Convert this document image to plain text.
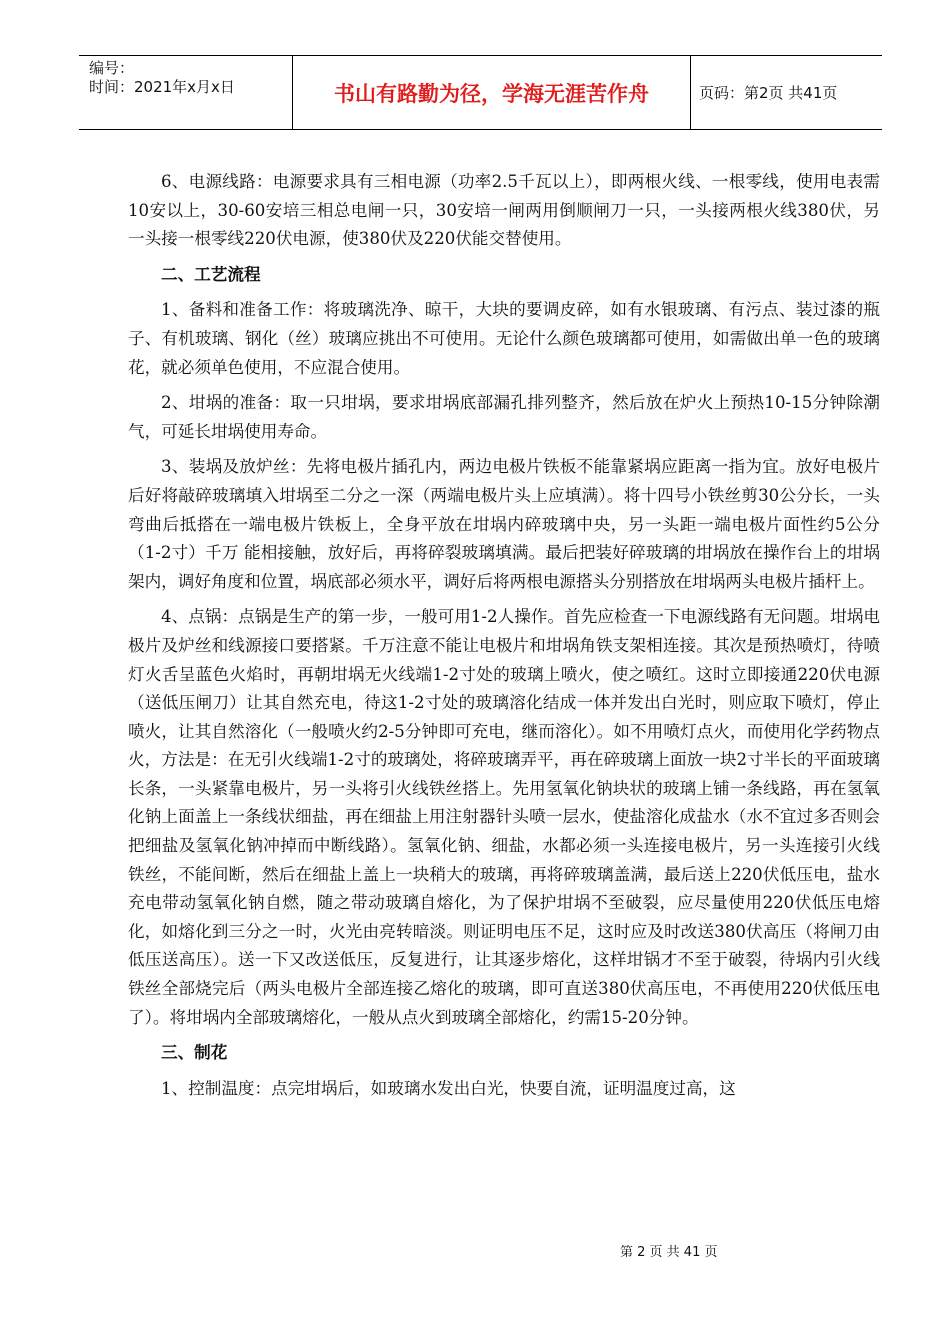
编号：
时间：2021年x月x日	书山有路勤为径，学海无涯苦作舟	页码：第2页 共41页

6、电源线路：电源要求具有三相电源（功率2.5千瓦以上），即两根火线、一根零线，使用电表需10安以上，30-60安培三相总电闸一只，30安培一闸两用倒顺闸刀一只，一头接两根火线380伏，另一头接一根零线220伏电源，使380伏及220伏能交替使用。

二、工艺流程

1、备料和准备工作：将玻璃洗净、晾干，大块的要调皮碎，如有水银玻璃、有污点、装过漆的瓶子、有机玻璃、钢化（丝）玻璃应挑出不可使用。无论什么颜色玻璃都可使用，如需做出单一色的玻璃花，就必须单色使用，不应混合使用。

2、坩埚的准备：取一只坩埚，要求坩埚底部漏孔排列整齐，然后放在炉火上预热10-15分钟除潮气，可延长坩埚使用寿命。

3、装埚及放炉丝：先将电极片插孔内，两边电极片铁板不能靠紧埚应距离一指为宜。放好电极片后好将敲碎玻璃填入坩埚至二分之一深（两端电极片头上应填满）。将十四号小铁丝剪30公分长，一头弯曲后抵搭在一端电极片铁板上，全身平放在坩埚内碎玻璃中央，另一头距一端电极片面性约5公分（1-2寸）千万 能相接触，放好后，再将碎裂玻璃填满。最后把装好碎玻璃的坩埚放在操作台上的坩埚架内，调好角度和位置，埚底部必须水平，调好后将两根电源搭头分别搭放在坩埚两头电极片插杆上。

4、点锅：点锅是生产的第一步，一般可用1-2人操作。首先应检查一下电源线路有无问题。坩埚电极片及炉丝和线源接口要搭紧。千万注意不能让电极片和坩埚角铁支架相连接。其次是预热喷灯，待喷灯火舌呈蓝色火焰时，再朝坩埚无火线端1-2寸处的玻璃上喷火，使之喷红。这时立即接通220伏电源（送低压闸刀）让其自然充电，待这1-2寸处的玻璃溶化结成一体并发出白光时，则应取下喷灯，停止喷火，让其自然溶化（一般喷火约2-5分钟即可充电，继而溶化）。如不用喷灯点火，而使用化学药物点火，方法是：在无引火线端1-2寸的玻璃处，将碎玻璃弄平，再在碎玻璃上面放一块2寸半长的平面玻璃长条，一头紧靠电极片，另一头将引火线铁丝搭上。先用氢氧化钠块状的玻璃上铺一条线路，再在氢氧化钠上面盖上一条线状细盐，再在细盐上用注射器针头喷一层水，使盐溶化成盐水（水不宜过多否则会把细盐及氢氧化钠冲掉而中断线路）。氢氧化钠、细盐，水都必须一头连接电极片，另一头连接引火线铁丝，不能间断，然后在细盐上盖上一块稍大的玻璃，再将碎玻璃盖满，最后送上220伏低压电，盐水充电带动氢氧化钠自燃，随之带动玻璃自熔化，为了保护坩埚不至破裂，应尽量使用220伏低压电熔化，如熔化到三分之一时，火光由亮转暗淡。则证明电压不足，这时应及时改送380伏高压（将闸刀由低压送高压）。送一下又改送低压，反复进行，让其逐步熔化，这样坩锅才不至于破裂，待埚内引火线铁丝全部烧完后（两头电极片全部连接乙熔化的玻璃，即可直送380伏高压电，不再使用220伏低压电了）。将坩埚内全部玻璃熔化，一般从点火到玻璃全部熔化，约需15-20分钟。

三、制花

1、控制温度：点完坩埚后，如玻璃水发出白光，快要自流，证明温度过高，这

第 2 页 共 41 页
